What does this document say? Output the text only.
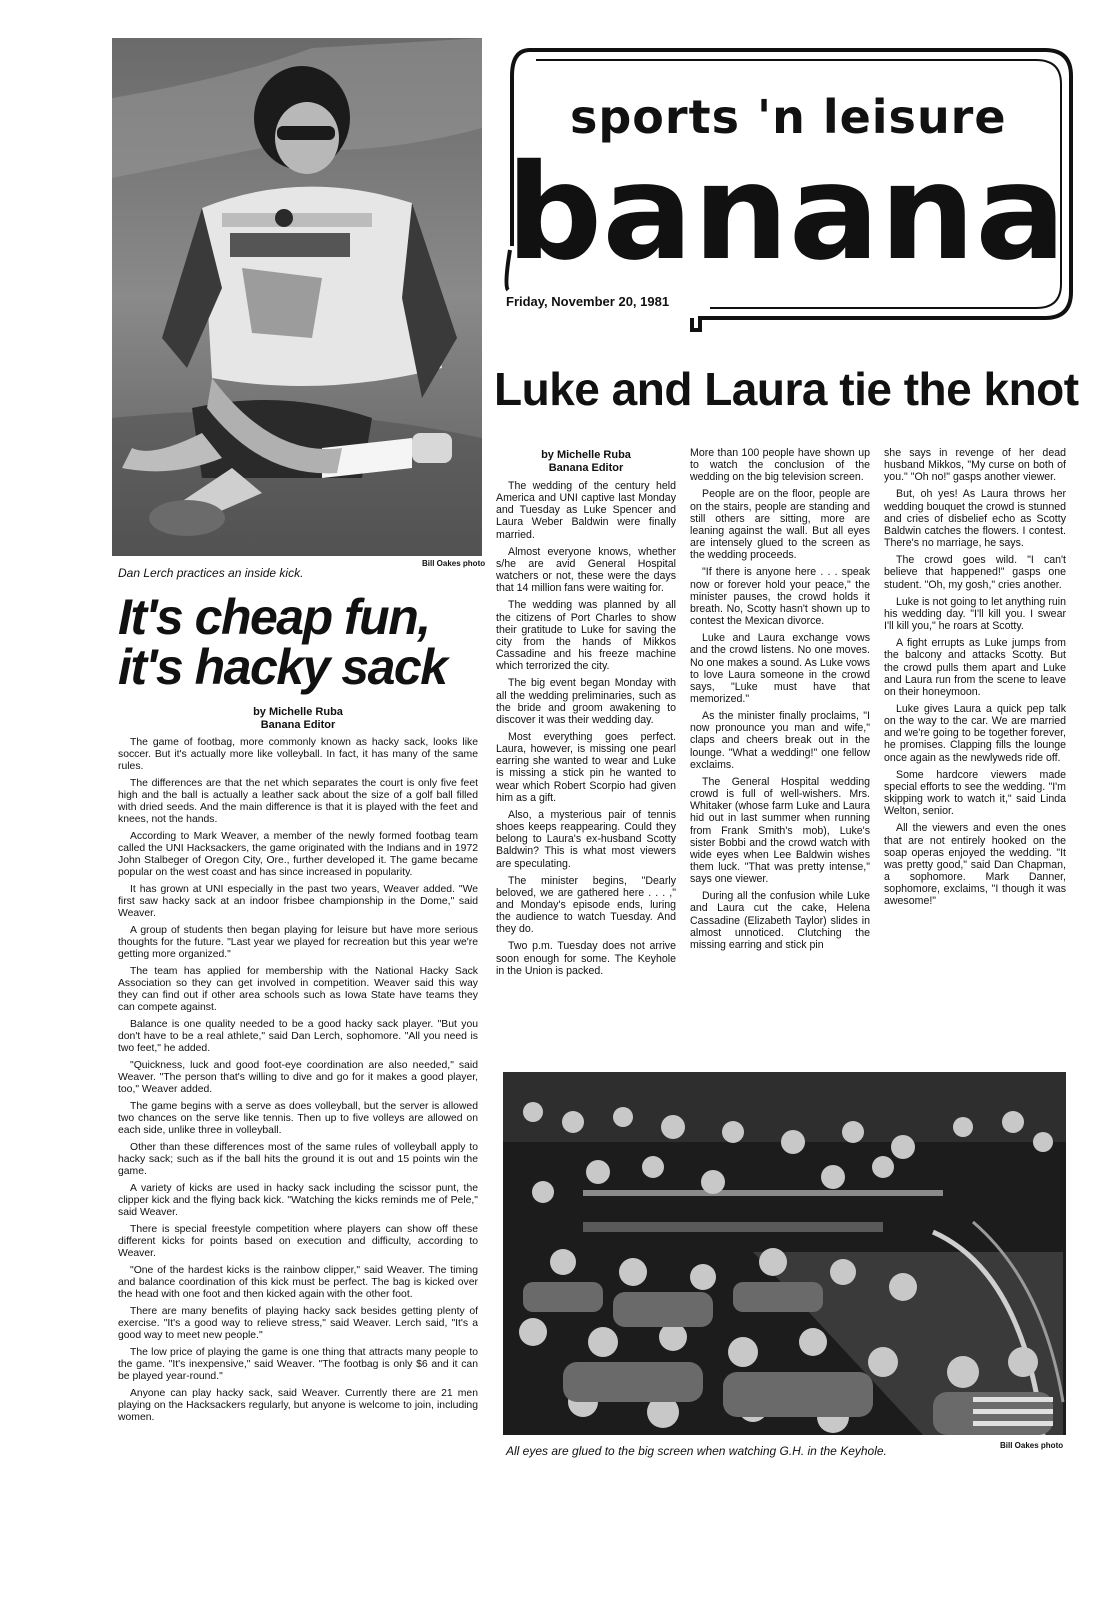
Bill Oakes photo
Dan Lerch practices an inside kick.
banana
sports 'n leisure
Friday, November 20, 1981
Luke and Laura tie the knot
It's cheap fun,
it's hacky sack
by Michelle Ruba
Banana Editor

The game of footbag, more commonly known as hacky sack, looks like soccer. But it's actually more like volleyball. In fact, it has many of the same rules.

The differences are that the net which separates the court is only five feet high and the ball is actually a leather sack about the size of a golf ball filled with dried seeds. And the main difference is that it is played with the feet and knees, not the hands.

According to Mark Weaver, a member of the newly formed footbag team called the UNI Hacksackers, the game originated with the Indians and in 1972 John Stalbeger of Oregon City, Ore., further developed it. The game became popular on the west coast and has since increased in popularity.

It has grown at UNI especially in the past two years, Weaver added. "We first saw hacky sack at an indoor frisbee championship in the Dome," said Weaver.

A group of students then began playing for leisure but have more serious thoughts for the future. "Last year we played for recreation but this year we're getting more organized."

The team has applied for membership with the National Hacky Sack Association so they can get involved in competition. Weaver said this way they can find out if other area schools such as Iowa State have teams they can compete against.

Balance is one quality needed to be a good hacky sack player. "But you don't have to be a real athlete," said Dan Lerch, sophomore. "All you need is two feet," he added.

"Quickness, luck and good foot-eye coordination are also needed," said Weaver. "The person that's willing to dive and go for it makes a good player, too," Weaver added.

The game begins with a serve as does volleyball, but the server is allowed two chances on the serve like tennis. Then up to five volleys are allowed on each side, unlike three in volleyball.

Other than these differences most of the same rules of volleyball apply to hacky sack; such as if the ball hits the ground it is out and 15 points win the game.

A variety of kicks are used in hacky sack including the scissor punt, the clipper kick and the flying back kick. "Watching the kicks reminds me of Pele," said Weaver.

There is special freestyle competition where players can show off these different kicks for points based on execution and difficulty, according to Weaver.

"One of the hardest kicks is the rainbow clipper," said Weaver. The timing and balance coordination of this kick must be perfect. The bag is kicked over the head with one foot and then kicked again with the other foot.

There are many benefits of playing hacky sack besides getting plenty of exercise. "It's a good way to relieve stress," said Weaver. Lerch said, "It's a good way to meet new people."

The low price of playing the game is one thing that attracts many people to the game. "It's inexpensive," said Weaver. "The footbag is only $6 and it can be played year-round."

Anyone can play hacky sack, said Weaver. Currently there are 21 men playing on the Hacksackers regularly, but anyone is welcome to join, including women.

by Michelle Ruba
Banana Editor

The wedding of the century held America and UNI captive last Monday and Tuesday as Luke Spencer and Laura Weber Baldwin were finally married.

Almost everyone knows, whether s/he are avid General Hospital watchers or not, these were the days that 14 million fans were waiting for.

The wedding was planned by all the citizens of Port Charles to show their gratitude to Luke for saving the city from the hands of Mikkos Cassadine and his freeze machine which terrorized the city.

The big event began Monday with all the wedding preliminaries, such as the bride and groom awakening to discover it was their wedding day.

Most everything goes perfect. Laura, however, is missing one pearl earring she wanted to wear and Luke is missing a stick pin he wanted to wear which Robert Scorpio had given him as a gift.

Also, a mysterious pair of tennis shoes keeps reappearing. Could they belong to Laura's ex-husband Scotty Baldwin? This is what most viewers are speculating.

The minister begins, "Dearly beloved, we are gathered here . . . ," and Monday's episode ends, luring the audience to watch Tuesday. And they do.

Two p.m. Tuesday does not arrive soon enough for some. The Keyhole in the Union is packed.

More than 100 people have shown up to watch the conclusion of the wedding on the big television screen.

People are on the floor, people are on the stairs, people are standing and still others are sitting, more are leaning against the wall. But all eyes are intensely glued to the screen as the wedding proceeds.

"If there is anyone here . . . speak now or forever hold your peace," the minister pauses, the crowd holds it breath. No, Scotty hasn't shown up to contest the Mexican divorce.

Luke and Laura exchange vows and the crowd listens. No one moves. No one makes a sound. As Luke vows to love Laura someone in the crowd says, "Luke must have that memorized."

As the minister finally proclaims, "I now pronounce you man and wife," claps and cheers break out in the lounge. "What a wedding!" one fellow exclaims.

The General Hospital wedding crowd is full of well-wishers. Mrs. Whitaker (whose farm Luke and Laura hid out in last summer when running from Frank Smith's mob), Luke's sister Bobbi and the crowd watch with wide eyes when Lee Baldwin wishes them luck. "That was pretty intense," says one viewer.

During all the confusion while Luke and Laura cut the cake, Helena Cassadine (Elizabeth Taylor) slides in almost unnoticed. Clutching the missing earring and stick pin

she says in revenge of her dead husband Mikkos, "My curse on both of you." "Oh no!" gasps another viewer.

But, oh yes! As Laura throws her wedding bouquet the crowd is stunned and cries of disbelief echo as Scotty Baldwin catches the flowers. I contest. There's no marriage, he says.

The crowd goes wild. "I can't believe that happened!" gasps one student. "Oh, my gosh," cries another.

Luke is not going to let anything ruin his wedding day. "I'll kill you. I swear I'll kill you," he roars at Scotty.

A fight errupts as Luke jumps from the balcony and attacks Scotty. But the crowd pulls them apart and Luke and Laura run from the scene to leave on their honeymoon.

Luke gives Laura a quick pep talk on the way to the car. We are married and we're going to be together forever, he promises. Clapping fills the lounge once again as the newlyweds ride off.

Some hardcore viewers made special efforts to see the wedding. "I'm skipping work to watch it," said Linda Welton, senior.

All the viewers and even the ones that are not entirely hooked on the soap operas enjoyed the wedding. "It was pretty good," said Dan Chapman, a sophomore. Mark Danner, sophomore, exclaims, "I though it was awesome!"

Bill Oakes photo
All eyes are glued to the big screen when watching G.H. in the Keyhole.
